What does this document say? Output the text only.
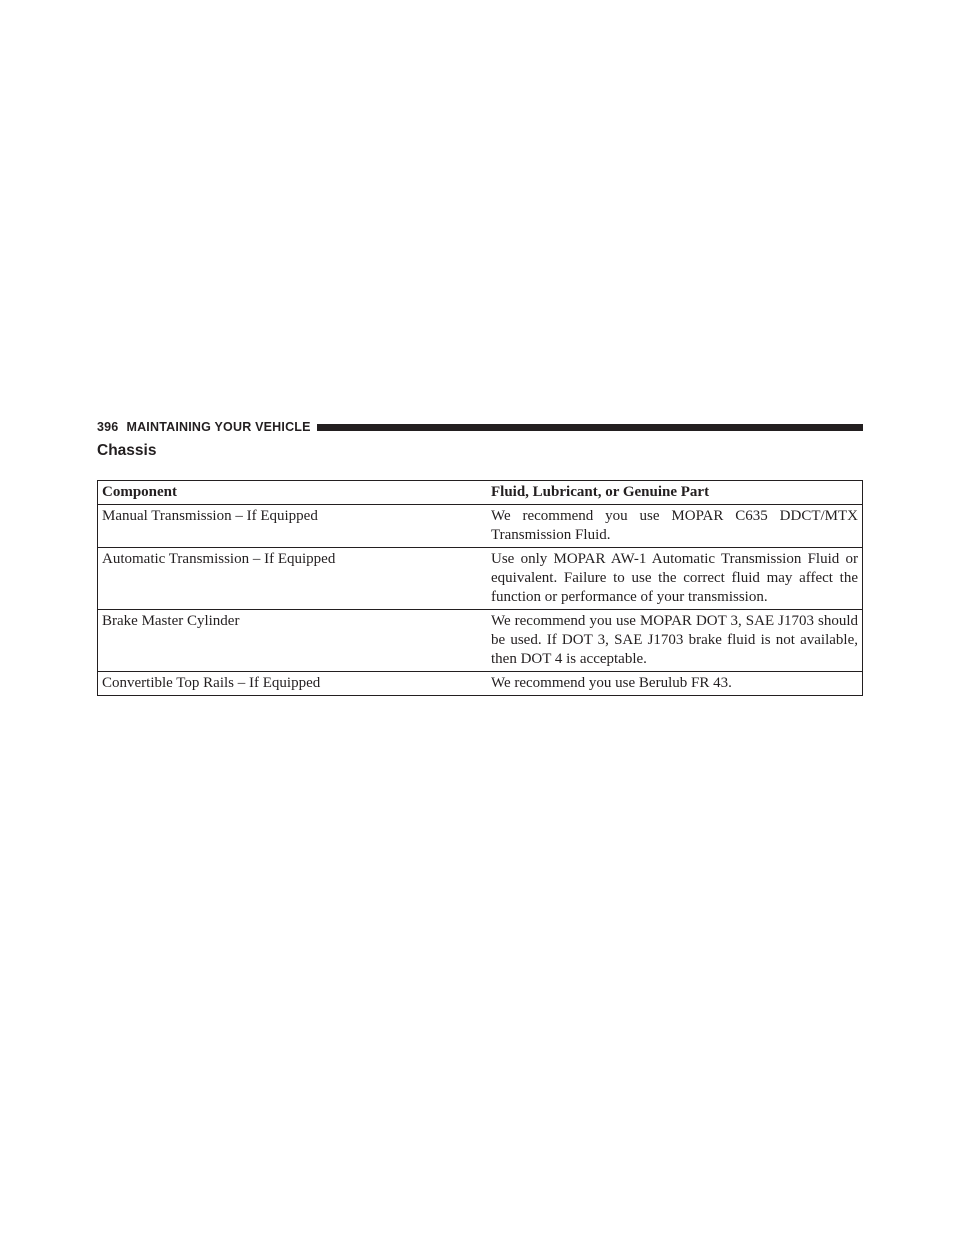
396 MAINTAINING YOUR VEHICLE
Chassis
Component	Fluid, Lubricant, or Genuine Part
Manual Transmission – If Equipped	We recommend you use MOPAR C635 DDCT/MTX Transmission Fluid.
Automatic Transmission – If Equipped	Use only MOPAR AW-1 Automatic Transmission Fluid or equivalent. Failure to use the correct fluid may affect the function or performance of your transmission.
Brake Master Cylinder	We recommend you use MOPAR DOT 3, SAE J1703 should be used. If DOT 3, SAE J1703 brake fluid is not available, then DOT 4 is acceptable.
Convertible Top Rails – If Equipped	We recommend you use Berulub FR 43.
